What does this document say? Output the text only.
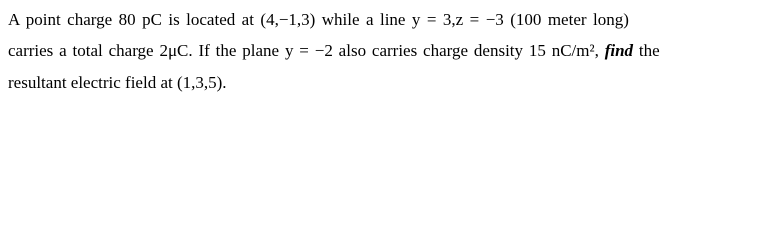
A point charge 80 pC is located at (4,−1,3) while a line y = 3,z = −3 (100 meter long)
carries a total charge 2μC. If the plane y = −2 also carries charge density 15 nC/m², find the
resultant electric field at (1,3,5).
